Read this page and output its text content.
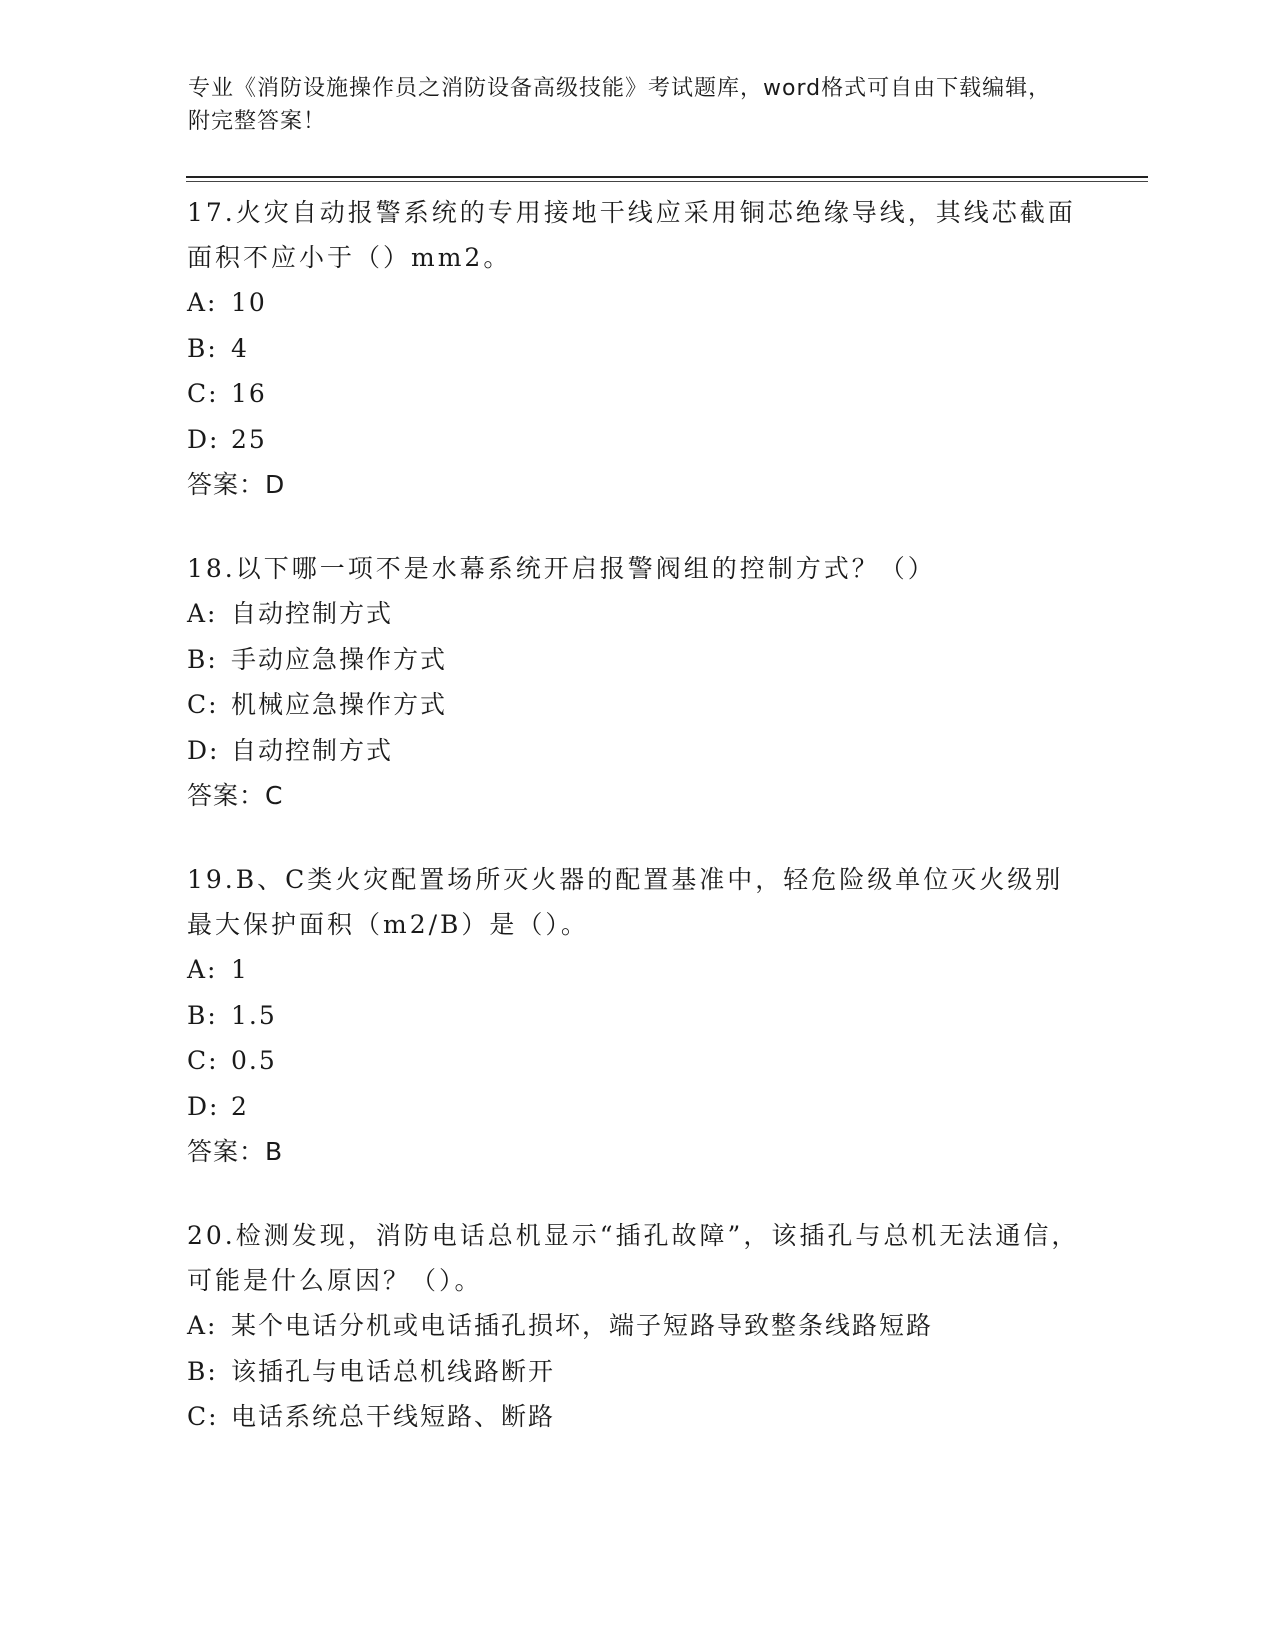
专业《消防设施操作员之消防设备高级技能》考试题库，word格式可自由下载编辑，附完整答案！

17.火灾自动报警系统的专用接地干线应采用铜芯绝缘导线，其线芯截面面积不应小于（）mm2。

A: 10

B: 4

C: 16

D: 25

答案：D

18.以下哪一项不是水幕系统开启报警阀组的控制方式？（）

A: 自动控制方式

B: 手动应急操作方式

C: 机械应急操作方式

D: 自动控制方式

答案：C

19.B、C类火灾配置场所灭火器的配置基准中，轻危险级单位灭火级别最大保护面积（m2/B）是（）。

A: 1

B: 1.5

C: 0.5

D: 2

答案：B

20.检测发现，消防电话总机显示“插孔故障”，该插孔与总机无法通信，可能是什么原因？（）。

A: 某个电话分机或电话插孔损坏，端子短路导致整条线路短路

B: 该插孔与电话总机线路断开

C: 电话系统总干线短路、断路
